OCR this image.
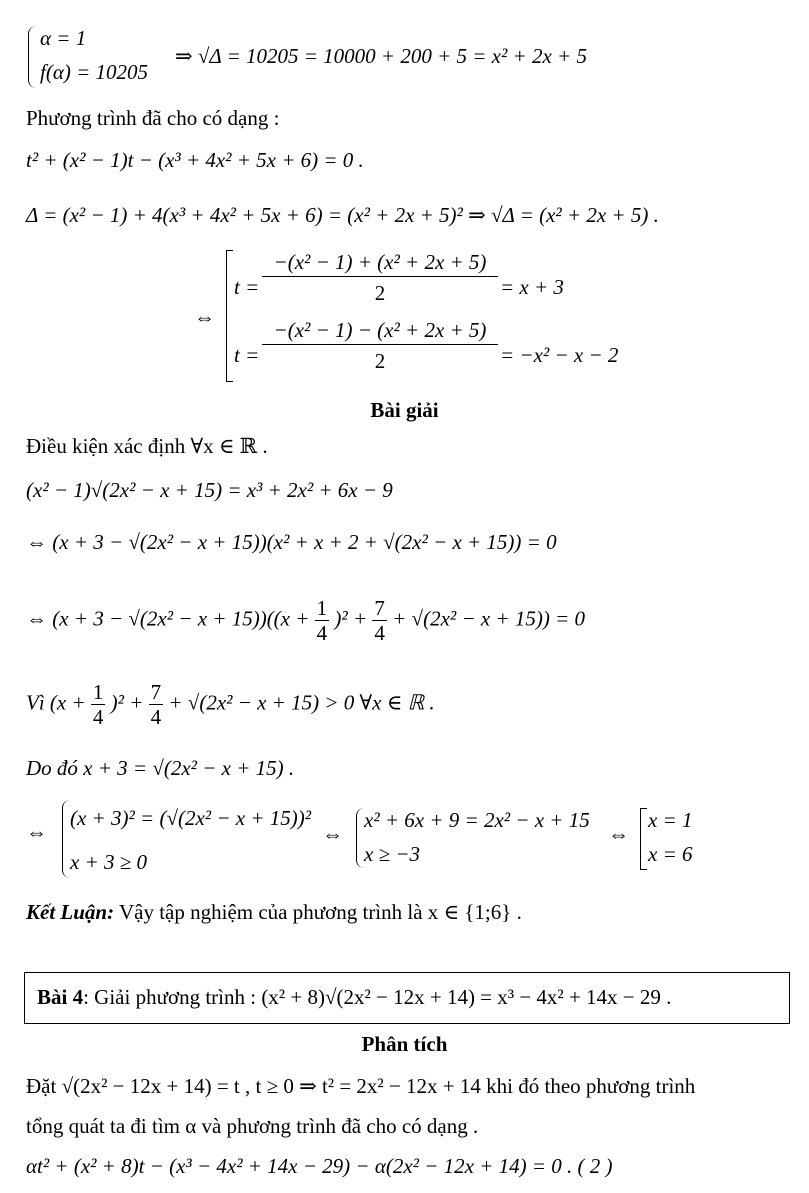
α = 1
f(α) = 10205
⇒ √Δ = 10205 = 10000 + 200 + 5 = x² + 2x + 5
Phương trình đã cho có dạng :
t² + (x² − 1)t − (x³ + 4x² + 5x + 6) = 0 .
Δ = (x² − 1) + 4(x³ + 4x² + 5x + 6) = (x² + 2x + 5)² ⇒ √Δ = (x² + 2x + 5) .
⇔
$t = \frac{\text{−(x² − 1) + (x² + 2x + 5)}}{2} = x + 3$
$t = \frac{\text{−(x² − 1) − (x² + 2x + 5)}}{2} = -x^2 - x - 2$
Bài giải
Điều kiện xác định ∀x ∈ ℝ .
(x² − 1)√(2x² − x + 15) = x³ + 2x² + 6x − 9
⇔ (x + 3 − √(2x² − x + 15))(x² + x + 2 + √(2x² − x + 15)) = 0
⇔ $(x + 3 - √(2x^2 - x + 15))((x + \frac{1}{4} )^2 + \frac{7}{4} + √(2x^2 - x + 15)) = 0$
Vì $(x + \frac{1}{4} )^2 + \frac{7}{4} + √(2x^2 - x + 15) > 0$ ∀x ∈ ℝ .
Do đó x + 3 = √(2x² − x + 15) .
⇔
(x + 3)² = (√(2x² − x + 15))²
x + 3 ≥ 0
⇔
x² + 6x + 9 = 2x² − x + 15
x ≥ −3
⇔
x = 1
x = 6
Kết Luận: Vậy tập nghiệm của phương trình là x ∈ {1;6} .
Bài 4: Giải phương trình : (x² + 8)√(2x² − 12x + 14) = x³ − 4x² + 14x − 29 .
Phân tích
Đặt √(2x² − 12x + 14) = t , t ≥ 0 ⇒ t² = 2x² − 12x + 14 khi đó theo phương trình
tổng quát ta đi tìm α và phương trình đã cho có dạng .
αt² + (x² + 8)t − (x³ − 4x² + 14x − 29) − α(2x² − 12x + 14) = 0 . ( 2 )
